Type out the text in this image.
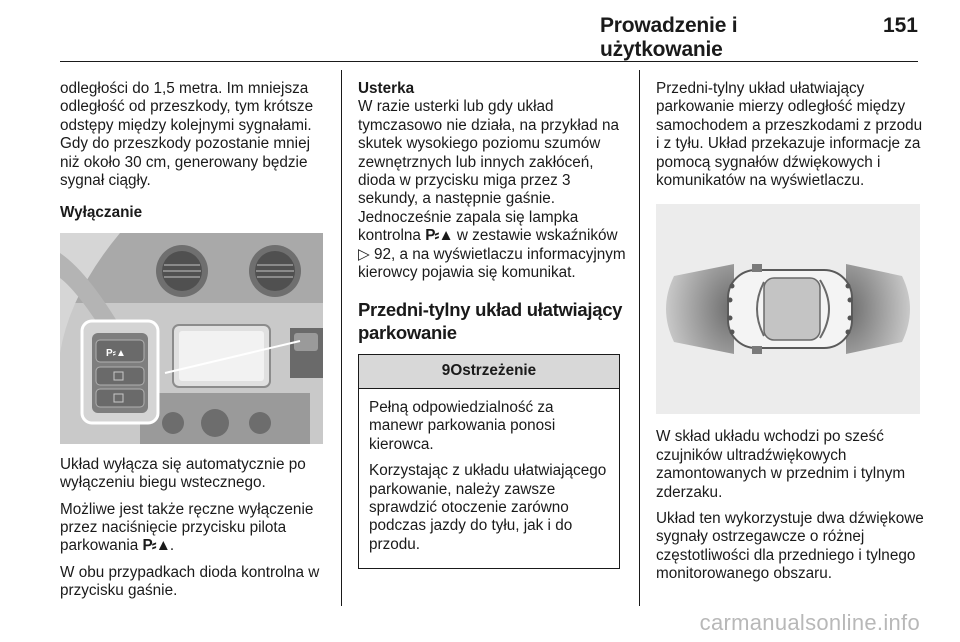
Prowadzenie i użytkowanie
151

odległości do 1,5 metra. Im mniejsza odległość od przeszkody, tym krótsze odstępy między kolejnymi sygnałami. Gdy do przeszkody pozostanie mniej niż około 30 cm, generowany będzie sygnał ciągły.

Wyłączanie
P⸗▲

Układ wyłącza się automatycznie po wyłączeniu biegu wstecznego.

Możliwe jest także ręczne wyłączenie przez naciśnięcie przycisku pilota parkowania P⸗▲.

W obu przypadkach dioda kontrolna w przycisku gaśnie.

Usterka

W razie usterki lub gdy układ tymczasowo nie działa, na przykład na skutek wysokiego poziomu szumów zewnętrznych lub innych zakłóceń, dioda w przycisku miga przez 3 sekundy, a następnie gaśnie. Jednocześnie zapala się lampka kontrolna P⸗▲ w zestawie wskaźników ▷ 92, a na wyświetlaczu informacyjnym kierowcy pojawia się komunikat.

Przedni-tylny układ ułatwiający parkowanie
9Ostrzeżenie

Pełną odpowiedzialność za manewr parkowania ponosi kierowca.

Korzystając z układu ułatwiającego parkowanie, należy zawsze sprawdzić otoczenie zarówno podczas jazdy do tyłu, jak i do przodu.

Przedni-tylny układ ułatwiający parkowanie mierzy odległość między samochodem a przeszkodami z przodu i z tyłu. Układ przekazuje informacje za pomocą sygnałów dźwiękowych i komunikatów na wyświetlaczu.

W skład układu wchodzi po sześć czujników ultradźwiękowych zamontowanych w przednim i tylnym zderzaku.

Układ ten wykorzystuje dwa dźwiękowe sygnały ostrzegawcze o różnej częstotliwości dla przedniego i tylnego monitorowanego obszaru.

carmanualsonline.info
